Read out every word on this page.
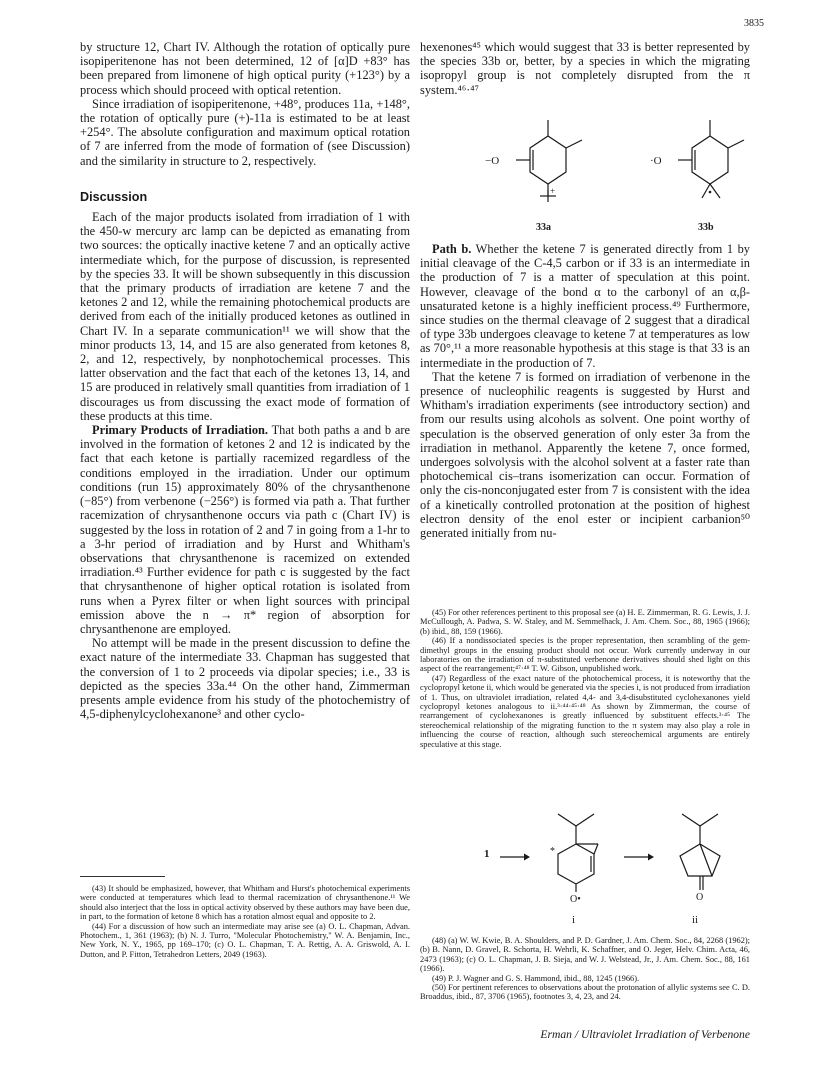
3835

by structure 12, Chart IV. Although the rotation of optically pure isopiperitenone has not been determined, 12 of [α]D +83° has been prepared from limonene of high optical purity (+123°) by a process which should proceed with optical retention.

Since irradiation of isopiperitenone, +48°, produces 11a, +148°, the rotation of optically pure (+)-11a is estimated to be at least +254°. The absolute configuration and maximum optical rotation of 7 are inferred from the mode of formation of (see Discussion) and the similarity in structure to 2, respectively.

Discussion

Each of the major products isolated from irradiation of 1 with the 450-w mercury arc lamp can be depicted as emanating from two sources: the optically inactive ketene 7 and an optically active intermediate which, for the purpose of discussion, is represented by the species 33. It will be shown subsequently in this discussion that the primary products of irradiation are ketene 7 and the ketones 2 and 12, while the remaining photochemical products are derived from each of the initially produced ketones as outlined in Chart IV. In a separate communication¹¹ we will show that the minor products 13, 14, and 15 are also generated from ketones 8, 2, and 12, respectively, by nonphotochemical processes. This latter observation and the fact that each of the ketones 13, 14, and 15 are produced in relatively small quantities from irradiation of 1 discourages us from discussing the exact mode of formation of these products at this time.

Primary Products of Irradiation. That both paths a and b are involved in the formation of ketones 2 and 12 is indicated by the fact that each ketone is partially racemized regardless of the conditions employed in the irradiation. Under our optimum conditions (run 15) approximately 80% of the chrysanthenone (−85°) from verbenone (−256°) is formed via path a. That further racemization of chrysanthenone occurs via path c (Chart IV) is suggested by the loss in rotation of 2 and 7 in going from a 1-hr to a 3-hr period of irradiation and by Hurst and Whitham's observations that chrysanthenone is racemized on extended irradiation.⁴³ Further evidence for path c is suggested by the fact that chrysanthenone of higher optical rotation is isolated from runs when a Pyrex filter or when light sources with principal emission above the n → π* region of absorption for chrysanthenone are employed.

No attempt will be made in the present discussion to define the exact nature of the intermediate 33. Chapman has suggested that the conversion of 1 to 2 proceeds via dipolar species; i.e., 33 is depicted as the species 33a.⁴⁴ On the other hand, Zimmerman presents ample evidence from his study of the photochemistry of 4,5-diphenylcyclohexanone³ and other cyclo-

(43) It should be emphasized, however, that Whitham and Hurst's photochemical experiments were conducted at temperatures which lead to thermal racemization of chrysanthenone.¹¹ We should also interject that the loss in optical activity observed by these authors may have been due, in part, to the formation of ketone 8 which has a rotation almost equal and opposite to 2.

(44) For a discussion of how such an intermediate may arise see (a) O. L. Chapman, Advan. Photochem., 1, 361 (1963); (b) N. J. Turro, "Molecular Photochemistry," W. A. Benjamin, Inc., New York, N. Y., 1965, pp 169–170; (c) O. L. Chapman, T. A. Rettig, A. A. Griswold, A. I. Dutton, and P. Fitton, Tetrahedron Letters, 2049 (1963).

hexenones⁴⁵ which would suggest that 33 is better represented by the species 33b or, better, by a species in which the migrating isopropyl group is not completely disrupted from the π system.⁴⁶·⁴⁷

−O
+
33a
·O
33b

Path b. Whether the ketene 7 is generated directly from 1 by initial cleavage of the C-4,5 carbon or if 33 is an intermediate in the production of 7 is a matter of speculation at this point. However, cleavage of the bond α to the carbonyl of an α,β-unsaturated ketone is a highly inefficient process.⁴⁹ Furthermore, since studies on the thermal cleavage of 2 suggest that a diradical of type 33b undergoes cleavage to ketene 7 at temperatures as low as 70°,¹¹ a more reasonable hypothesis at this stage is that 33 is an intermediate in the production of 7.

That the ketene 7 is formed on irradiation of verbenone in the presence of nucleophilic reagents is suggested by Hurst and Whitham's irradiation experiments (see introductory section) and from our results using alcohols as solvent. One point worthy of speculation is the observed generation of only ester 3a from the irradiation in methanol. Apparently the ketene 7, once formed, undergoes solvolysis with the alcohol solvent at a faster rate than photochemical cis–trans isomerization can occur. Formation of only the cis-nonconjugated ester from 7 is consistent with the idea of a kinetically controlled protonation at the position of highest electron density of the enol ester or incipient carbanion⁵⁰ generated initially from nu-

(45) For other references pertinent to this proposal see (a) H. E. Zimmerman, R. G. Lewis, J. J. McCullough, A. Padwa, S. W. Staley, and M. Semmelhack, J. Am. Chem. Soc., 88, 1965 (1966); (b) ibid., 88, 159 (1966).

(46) If a nondissociated species is the proper representation, then scrambling of the gem-dimethyl groups in the ensuing product should not occur. Work currently underway in our laboratories on the irradiation of π-substituted verbenone derivatives should shed light on this aspect of the rearrangement;⁴⁷·⁴⁸ T. W. Gibson, unpublished work.

(47) Regardless of the exact nature of the photochemical process, it is noteworthy that the cyclopropyl ketone ii, which would be generated via the species i, is not produced from irradiation of 1. Thus, on ultraviolet irradiation, related 4,4- and 3,4-disubstituted cyclohexanones yield cyclopropyl ketones analogous to ii.³·⁴⁴·⁴⁵·⁴⁸ As shown by Zimmerman, the course of rearrangement of cyclohexanones is greatly influenced by substituent effects.³·⁴⁵ The stereochemical relationship of the migrating function to the π system may also play a role in influencing the course of reaction, although such stereochemical arguments are entirely speculative at this stage.

1 → *
O•
i
O
ii

(48) (a) W. W. Kwie, B. A. Shoulders, and P. D. Gardner, J. Am. Chem. Soc., 84, 2268 (1962); (b) B. Nann, D. Gravel, R. Schorta, H. Wehrli, K. Schaffner, and O. Jeger, Helv. Chim. Acta, 46, 2473 (1963); (c) O. L. Chapman, J. B. Sieja, and W. J. Welstead, Jr., J. Am. Chem. Soc., 88, 161 (1966).

(49) P. J. Wagner and G. S. Hammond, ibid., 88, 1245 (1966).

(50) For pertinent references to observations about the protonation of allylic systems see C. D. Broaddus, ibid., 87, 3706 (1965), footnotes 3, 4, 23, and 24.

Erman / Ultraviolet Irradiation of Verbenone
